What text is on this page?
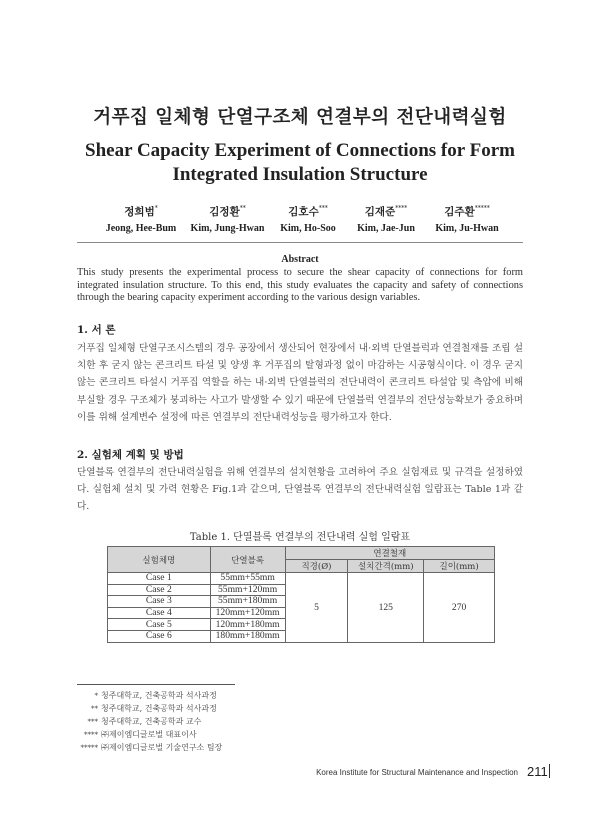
거푸집 일체형 단열구조체 연결부의 전단내력실험
Shear Capacity Experiment of Connections for Form
Integrated Insulation Structure
정희범*
Jeong, Hee-Bum
김정환**
Kim, Jung-Hwan
김호수***
Kim, Ho-Soo
김재준****
Kim, Jae-Jun
김주환*****
Kim, Ju-Hwan
Abstract
This study presents the experimental process to secure the shear capacity of connections for form integrated insulation structure. To this end, this study evaluates the capacity and safety of connections through the bearing capacity experiment according to the various design variables.
1. 서 론
거푸집 일체형 단열구조시스템의 경우 공장에서 생산되어 현장에서 내·외벽 단열블럭과 연결철재를 조립 설치한 후 굳지 않는 콘크리트 타설 및 양생 후 거푸집의 탈형과정 없이 마감하는 시공형식이다. 이 경우 굳지 않는 콘크리트 타설시 거푸집 역할을 하는 내·외벽 단열블럭의 전단내력이 콘크리트 타설압 및 측압에 비해 부실할 경우 구조체가 붕괴하는 사고가 발생할 수 있기 때문에 단열블럭 연결부의 전단성능확보가 중요하며 이를 위해 설계변수 설정에 따른 연결부의 전단내력성능을 평가하고자 한다.
2. 실험체 계획 및 방법
단열블록 연결부의 전단내력실험을 위해 연결부의 설치현황을 고려하여 주요 실험재료 및 규격을 설정하였다. 실험체 설치 및 가력 현황은 Fig.1과 같으며, 단열블록 연결부의 전단내력실험 일람표는 Table 1과 같다.
Table 1. 단열블록 연결부의 전단내력 실험 일람표
실험체명	단열블록	연결철재		
		직경(Ø)	설치간격(mm)	길이(mm)
Case 1	55mm+55mm	5	125	270
Case 2	55mm+120mm			
Case 3	55mm+180mm			
Case 4	120mm+120mm			
Case 5	120mm+180mm			
Case 6	180mm+180mm			
* 청주대학교, 건축공학과 석사과정
** 청주대학교, 건축공학과 석사과정
*** 청주대학교, 건축공학과 교수
**** ㈜제이엠디글로벌 대표이사
***** ㈜제이엠디글로벌 기술연구소 팀장
Korea Institute for Structural Maintenance and Inspection 211
